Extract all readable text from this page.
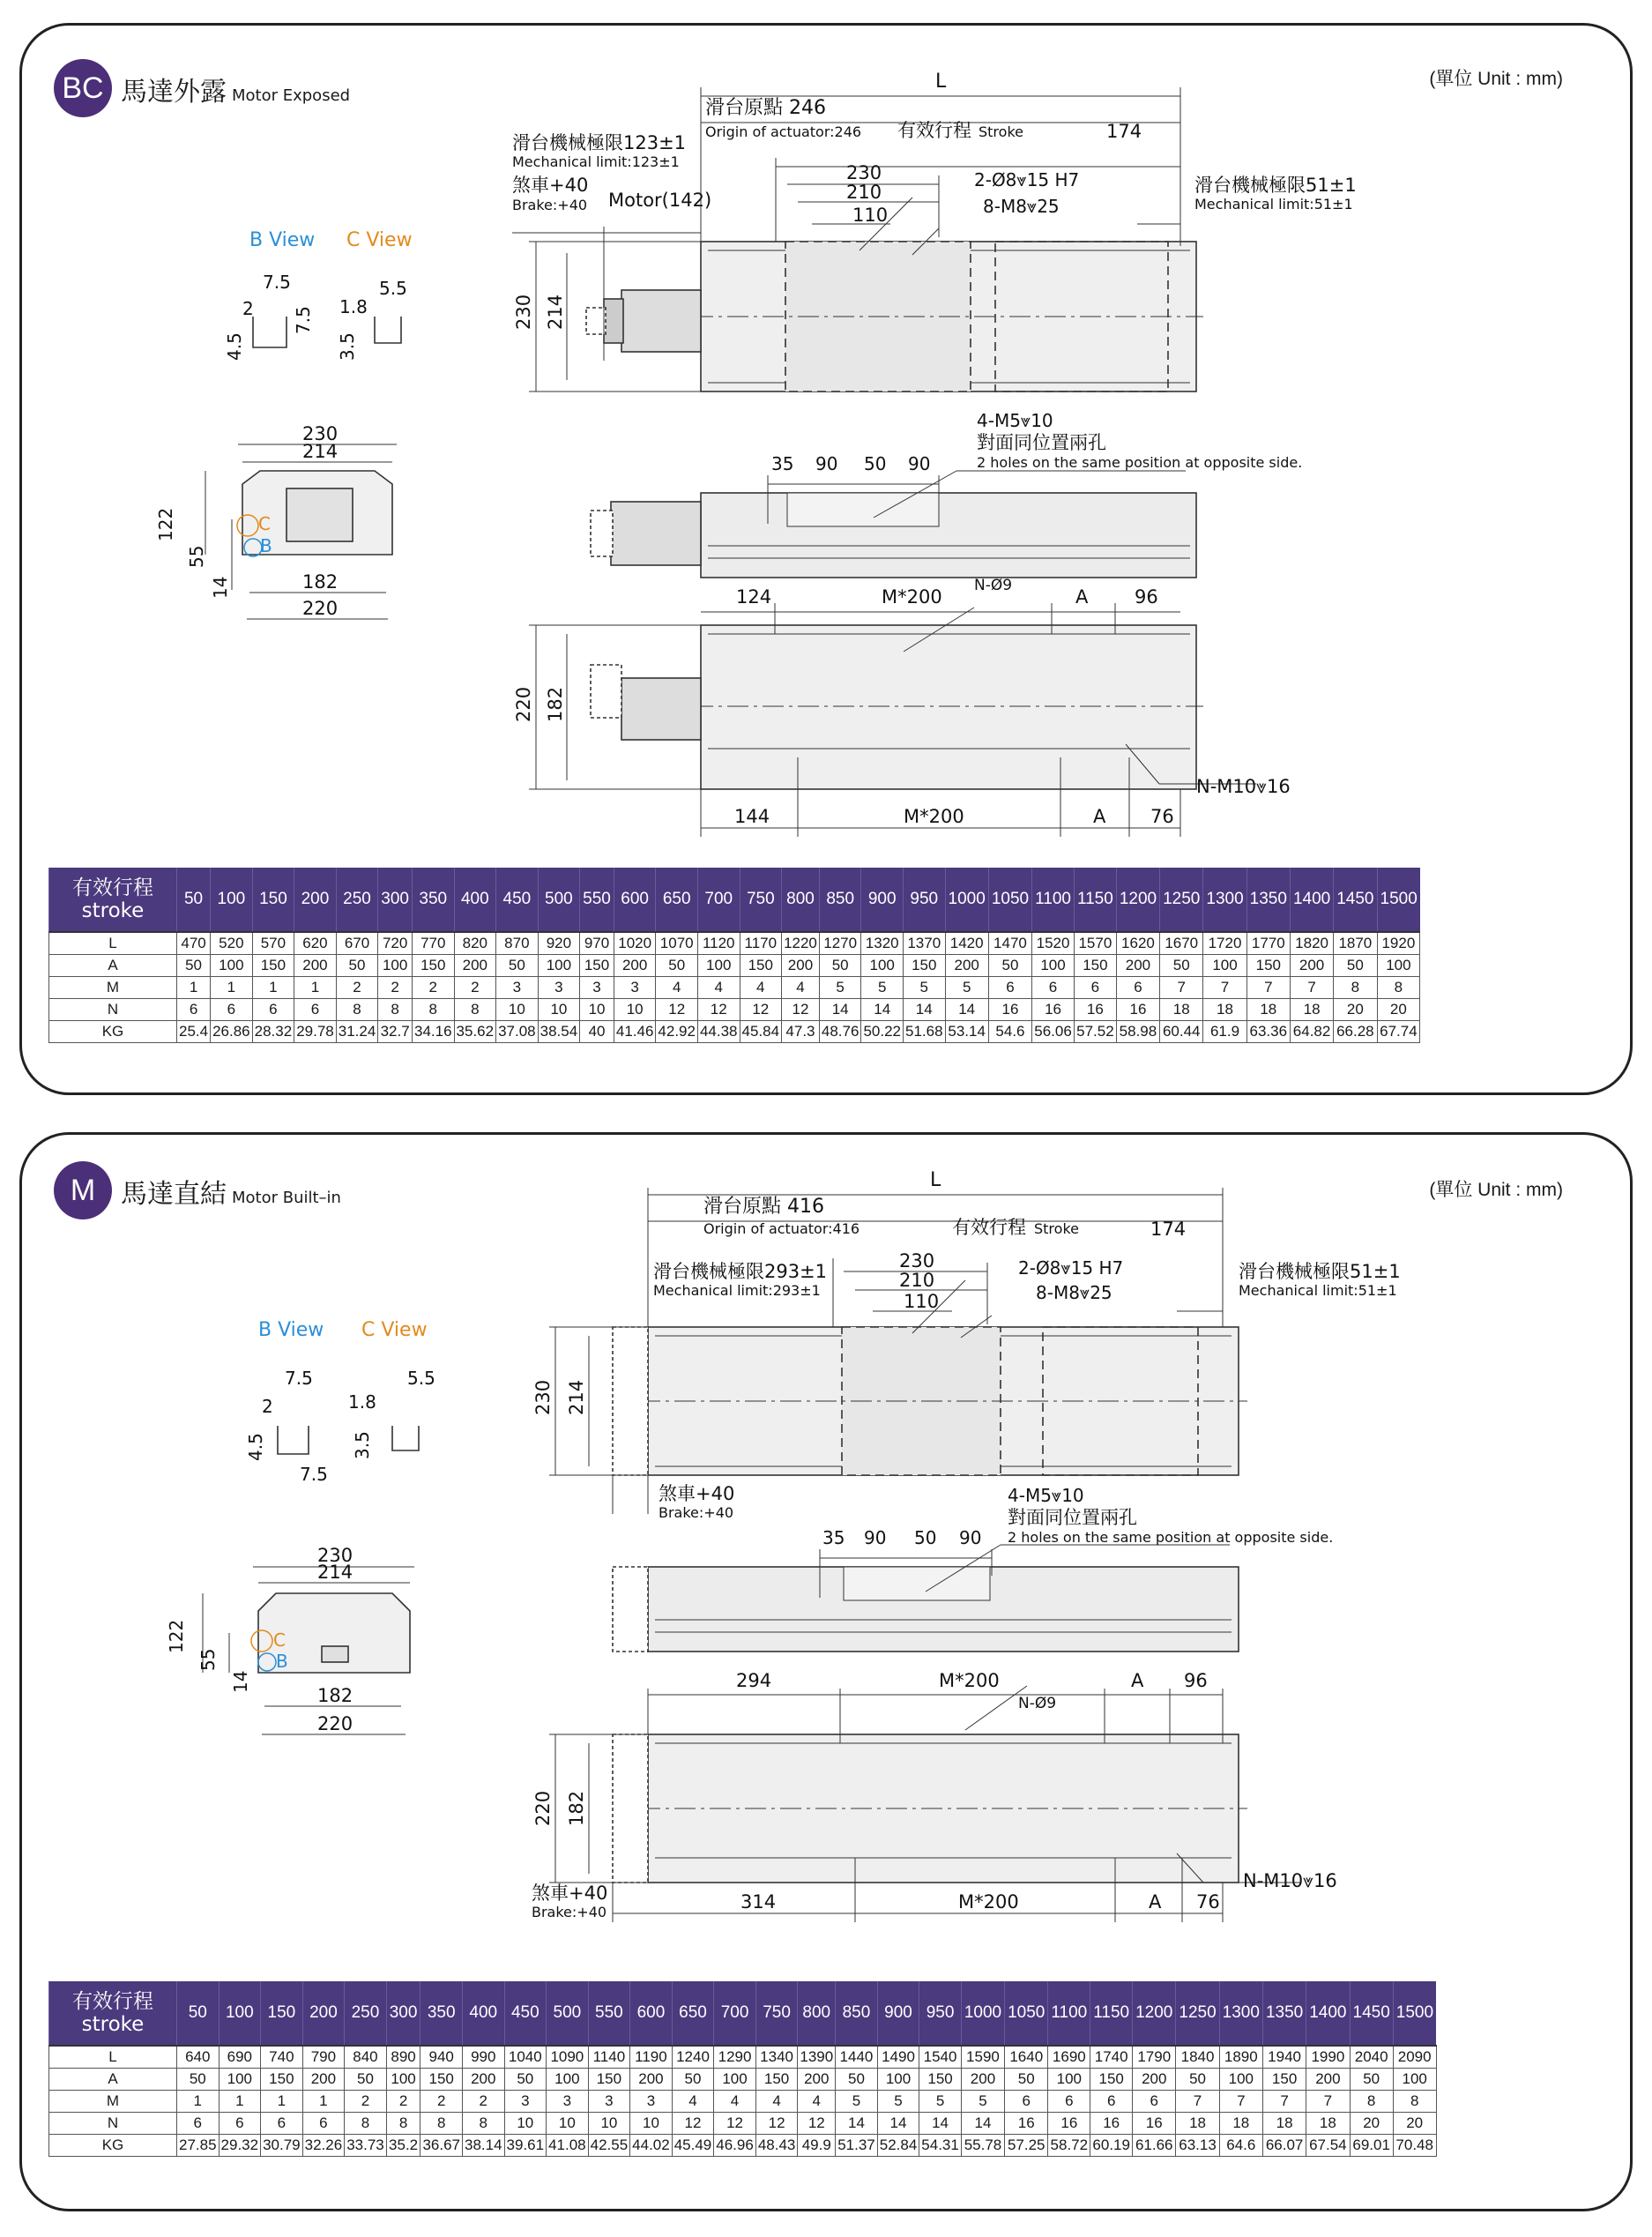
BC 馬達外露 Motor Exposed
(單位 Unit : mm)
L
滑台原點 246
Origin of actuator:246 有效行程 Stroke	174
滑台機械極限123±1
Mechanical limit:123±1
滑台機械極限51±1
Mechanical limit:51±1
煞車+40
Brake:+40 Motor(142)
230
210
110
2-Ø8⩔15 H7
8-M8⩔25
230 214
4-M5⩔10
對面同位置兩孔
2 holes on the same position at opposite side.
35 90 50 90
124	M*200
N-Ø9
A	96
220 182
144	M*200	A 76
N-M10⩔16
B View C View
7.5
2
4.5
7.5
5.5
1.8
3.5
230
214
122
55
14	182
220
C
B
有效行程
stroke	50	100	150	200	250	300	350	400	450	500	550	600	650	700	750	800	850	900	950	1000	1050	1100	1150	1200	1250	1300	1350	1400	1450	1500
L	470	520	570	620	670	720	770	820	870	920	970	1020	1070	1120	1170	1220	1270	1320	1370	1420	1470	1520	1570	1620	1670	1720	1770	1820	1870	1920
A	50	100	150	200	50	100	150	200	50	100	150	200	50	100	150	200	50	100	150	200	50	100	150	200	50	100	150	200	50	100
M	1	1	1	1	2	2	2	2	3	3	3	3	4	4	4	4	5	5	5	5	6	6	6	6	7	7	7	7	8	8
N	6	6	6	6	8	8	8	8	10	10	10	10	12	12	12	12	14	14	14	14	16	16	16	16	18	18	18	18	20	20
KG	25.4	26.86	28.32	29.78	31.24	32.7	34.16	35.62	37.08	38.54	40	41.46	42.92	44.38	45.84	47.3	48.76	50.22	51.68	53.14	54.6	56.06	57.52	58.98	60.44	61.9	63.36	64.82	66.28	67.74
M 馬達直結 Motor Built–in	(單位 Unit : mm)
L
滑台原點 416
Origin of actuator:416	有效行程 Stroke	174
滑台機械極限293±1
Mechanical limit:293±1
滑台機械極限51±1
Mechanical limit:51±1
230
210
110
2-Ø8⩔15 H7
8-M8⩔25
230 214
煞車+40
Brake:+40
4-M5⩔10
對面同位置兩孔
2 holes on the same position at opposite side.
35 90 50 90
294	M*200
N-Ø9
A 96
220 182
煞車+40
Brake:+40	314	M*200	A 76
N-M10⩔16
B View C View
7.5
2
4.5
7.5
5.5
1.8
3.5
230
214
122
55
14
182
220
C
B
有效行程
stroke	50	100	150	200	250	300	350	400	450	500	550	600	650	700	750	800	850	900	950	1000	1050	1100	1150	1200	1250	1300	1350	1400	1450	1500
L	640	690	740	790	840	890	940	990	1040	1090	1140	1190	1240	1290	1340	1390	1440	1490	1540	1590	1640	1690	1740	1790	1840	1890	1940	1990	2040	2090
A	50	100	150	200	50	100	150	200	50	100	150	200	50	100	150	200	50	100	150	200	50	100	150	200	50	100	150	200	50	100
M	1	1	1	1	2	2	2	2	3	3	3	3	4	4	4	4	5	5	5	5	6	6	6	6	7	7	7	7	8	8
N	6	6	6	6	8	8	8	8	10	10	10	10	12	12	12	12	14	14	14	14	16	16	16	16	18	18	18	18	20	20
KG	27.85	29.32	30.79	32.26	33.73	35.2	36.67	38.14	39.61	41.08	42.55	44.02	45.49	46.96	48.43	49.9	51.37	52.84	54.31	55.78	57.25	58.72	60.19	61.66	63.13	64.6	66.07	67.54	69.01	70.48
